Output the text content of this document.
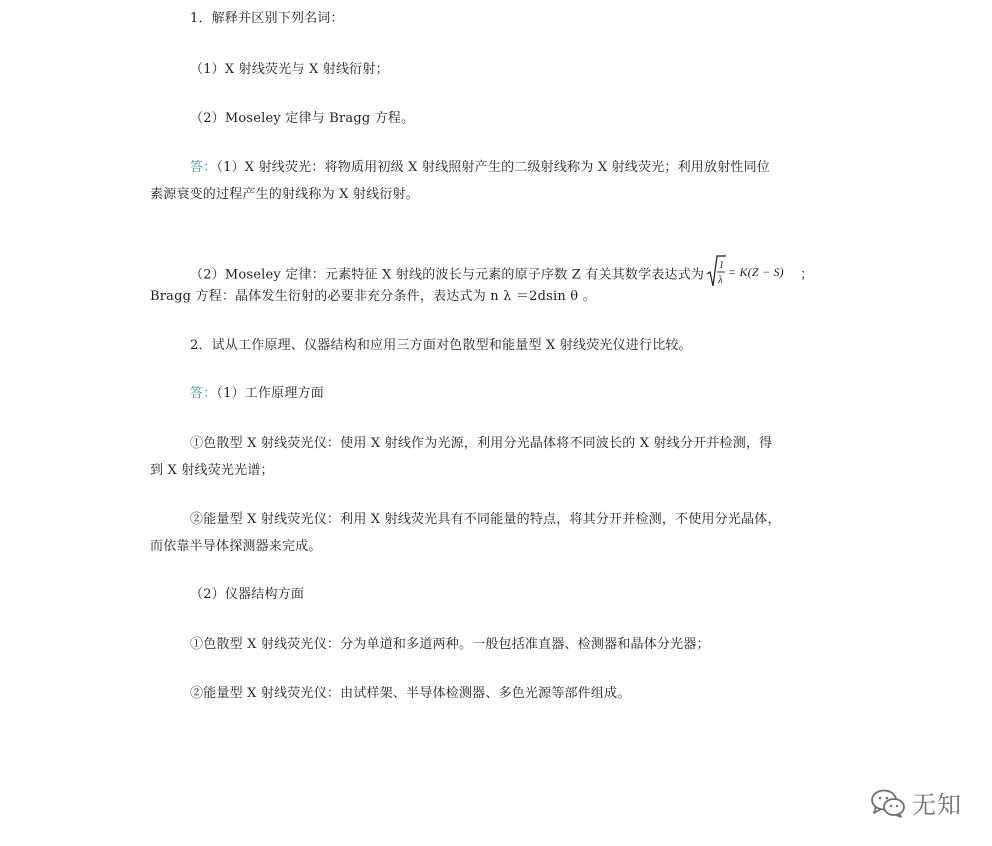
1．解释并区别下列名词：
（1）X 射线荧光与 X 射线衍射；
（2）Moseley 定律与 Bragg 方程。
答：（1）X 射线荧光：将物质用初级 X 射线照射产生的二级射线称为 X 射线荧光；利用放射性同位
素源衰变的过程产生的射线称为 X 射线衍射。
（2）Moseley 定律：元素特征 X 射线的波长与元素的原子序数 Z 有关其数学表达式为
1
λ
= K(Z − S) ；
Bragg 方程：晶体发生衍射的必要非充分条件，表达式为 n λ ＝2dsin θ 。
2．试从工作原理、仪器结构和应用三方面对色散型和能量型 X 射线荧光仪进行比较。
答：（1）工作原理方面
①色散型 X 射线荧光仪：使用 X 射线作为光源，利用分光晶体将不同波长的 X 射线分开并检测，得
到 X 射线荧光光谱；
②能量型 X 射线荧光仪：利用 X 射线荧光具有不同能量的特点，将其分开并检测，不使用分光晶体，
而依靠半导体探测器来完成。
（2）仪器结构方面
①色散型 X 射线荧光仪：分为单道和多道两种。一般包括准直器、检测器和晶体分光器；
②能量型 X 射线荧光仪：由试样架、半导体检测器、多色光源等部件组成。
无知
